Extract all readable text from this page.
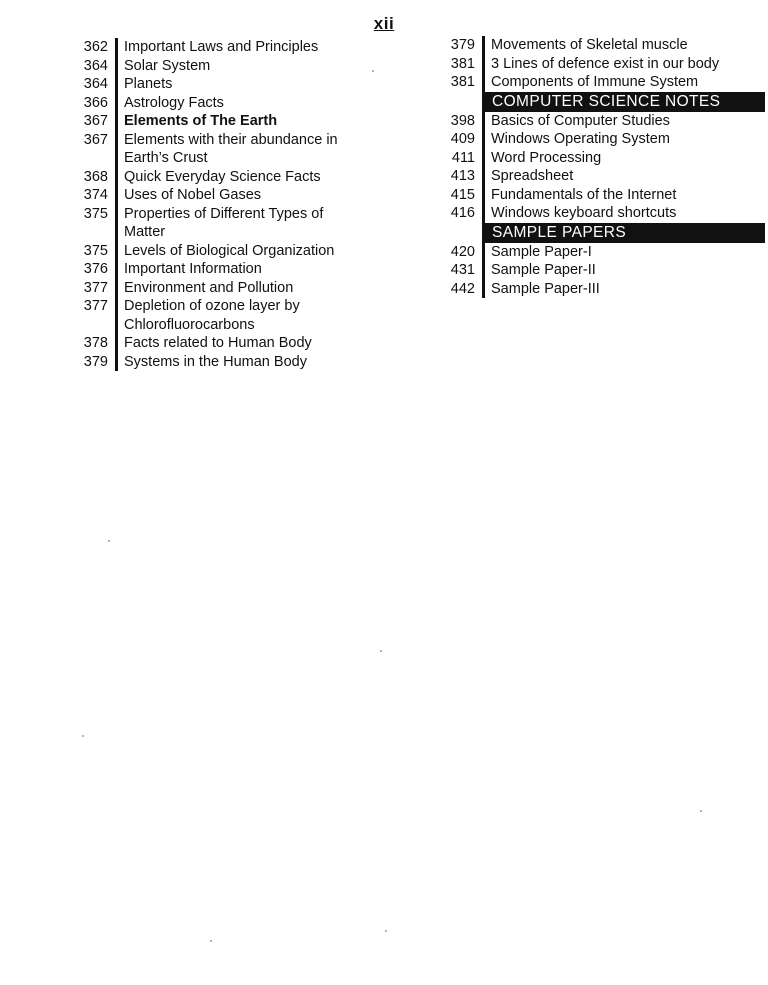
xii
362	Important Laws and Principles
364	Solar System
364	Planets
366	Astrology Facts
367	Elements of The Earth
367	Elements with their abundance in
Earth’s Crust
368	Quick Everyday Science Facts
374	Uses of Nobel Gases
375	Properties of Different Types of
Matter
375	Levels of Biological Organization
376	Important Information
377	Environment and Pollution
377	Depletion of ozone layer by
Chlorofluorocarbons
378	Facts related to Human Body
379	Systems in the Human Body
379	Movements of Skeletal muscle
381	3 Lines of defence exist in our body
381	Components of Immune System
COMPUTER SCIENCE NOTES
398	Basics of Computer Studies
409	Windows Operating System
411	Word Processing
413	Spreadsheet
415	Fundamentals of the Internet
416	Windows keyboard shortcuts
SAMPLE PAPERS
420	Sample Paper-I
431	Sample Paper-II
442	Sample Paper-III
